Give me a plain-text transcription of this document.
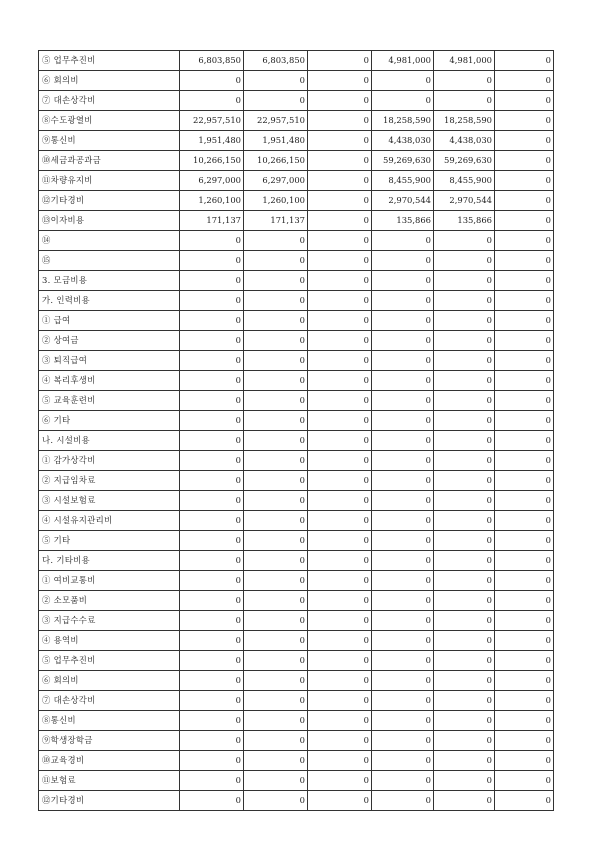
⑤ 업무추진비	6,803,850	6,803,850	0	4,981,000	4,981,000	0
⑥ 회의비	0	0	0	0	0	0
⑦ 대손상각비	0	0	0	0	0	0
⑧수도광열비	22,957,510	22,957,510	0	18,258,590	18,258,590	0
⑨통신비	1,951,480	1,951,480	0	4,438,030	4,438,030	0
⑩세금과공과금	10,266,150	10,266,150	0	59,269,630	59,269,630	0
⑪차량유지비	6,297,000	6,297,000	0	8,455,900	8,455,900	0
⑫기타경비	1,260,100	1,260,100	0	2,970,544	2,970,544	0
⑬이자비용	171,137	171,137	0	135,866	135,866	0
⑭	0	0	0	0	0	0
⑮	0	0	0	0	0	0
3. 모금비용	0	0	0	0	0	0
가. 인력비용	0	0	0	0	0	0
① 급여	0	0	0	0	0	0
② 상여금	0	0	0	0	0	0
③ 퇴직급여	0	0	0	0	0	0
④ 복리후생비	0	0	0	0	0	0
⑤ 교육훈련비	0	0	0	0	0	0
⑥ 기타	0	0	0	0	0	0
나. 시설비용	0	0	0	0	0	0
① 감가상각비	0	0	0	0	0	0
② 지급임차료	0	0	0	0	0	0
③ 시설보험료	0	0	0	0	0	0
④ 시설유지관리비	0	0	0	0	0	0
⑤ 기타	0	0	0	0	0	0
다. 기타비용	0	0	0	0	0	0
① 여비교통비	0	0	0	0	0	0
② 소모품비	0	0	0	0	0	0
③ 지급수수료	0	0	0	0	0	0
④ 용역비	0	0	0	0	0	0
⑤ 업무추진비	0	0	0	0	0	0
⑥ 회의비	0	0	0	0	0	0
⑦ 대손상각비	0	0	0	0	0	0
⑧통신비	0	0	0	0	0	0
⑨학생장학금	0	0	0	0	0	0
⑩교육경비	0	0	0	0	0	0
⑪보험료	0	0	0	0	0	0
⑫기타경비	0	0	0	0	0	0
